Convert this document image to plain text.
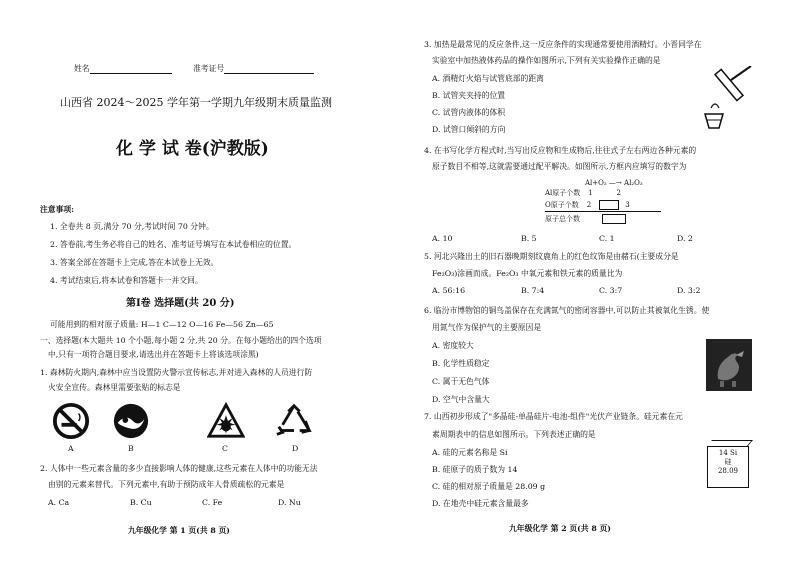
姓名	准考证号
山西省 2024～2025 学年第一学期九年级期末质量监测
化 学 试 卷(沪教版)
注意事项:
1. 全卷共 8 页,满分 70 分,考试时间 70 分钟。
2. 答卷前,考生务必将自己的姓名、准考证号填写在本试卷相应的位置。
3. 答案全部在答题卡上完成,答在本试卷上无效。
4. 考试结束后,将本试卷和答题卡一并交回。
第Ⅰ卷 选择题(共 20 分)
可能用到的相对原子质量: H—1 C—12 O—16 Fe—56 Zn—65
一、选择题(本大题共 10 个小题,每小题 2 分,共 20 分。在每小题给出的四个选项
中,只有一项符合题目要求,请选出并在答题卡上将该选项涂黑)
1. 森林防火期内,森林中应当设置防火警示宣传标志,并对进入森林的人员进行防
火安全宣传。森林里需要张贴的标志是
A	B	C	D
2. 人体中一些元素含量的多少直接影响人体的健康,这些元素在人体中的功能无法
由别的元素来替代。下列元素中,有助于预防成年人骨质疏松的元素是
A. Ca	B. Cu	C. Fe	D. Nu
九年级化学 第 1 页(共 8 页)
3. 加热是最常见的反应条件,这一反应条件的实现通常要使用酒精灯。小晋同学在
实验室中加热液体药品的操作如图所示,下列有关实验操作正确的是
A. 酒精灯火焰与试管底部的距离
B. 试管夹夹持的位置
C. 试管内液体的体积
D. 试管口倾斜的方向
4. 在书写化学方程式时,当写出反应物和生成物后,往往式子左右两边各种元素的
原子数目不相等,这就需要通过配平解决。如图所示,方框内应填写的数字为
Al+O₂ —→ Al₂O₃
Al原子个数 1	2
O原子个数 2	3
原子总个数
A. 10	B. 5	C. 1	D. 2
5. 河北兴隆出土的旧石器晚期刻纹鹿角上的红色纹饰是由赭石(主要成分是
Fe₂O₃)涂画而成。Fe₂O₃ 中氧元素和铁元素的质量比为
A. 56:16	B. 7:4	C. 3:7	D. 3:2
6. 临汾市博物馆的铜鸟盖保存在充满氮气的密闭容器中,可以防止其被氧化生锈。使
用氮气作为保护气的主要原因是
A. 密度较大
B. 化学性质稳定
C. 属于无色气体
D. 空气中含量大
7. 山西初步形成了"多晶硅-单晶硅片-电池-组件"光伏产业链条。硅元素在元
素周期表中的信息如图所示。下列表述正确的是
A. 硅的元素名称是 Si
B. 硅原子的质子数为 14
C. 硅的相对原子质量是 28.09 g
D. 在地壳中硅元素含量最多
14 Si
硅
28.09
九年级化学 第 2 页(共 8 页)
